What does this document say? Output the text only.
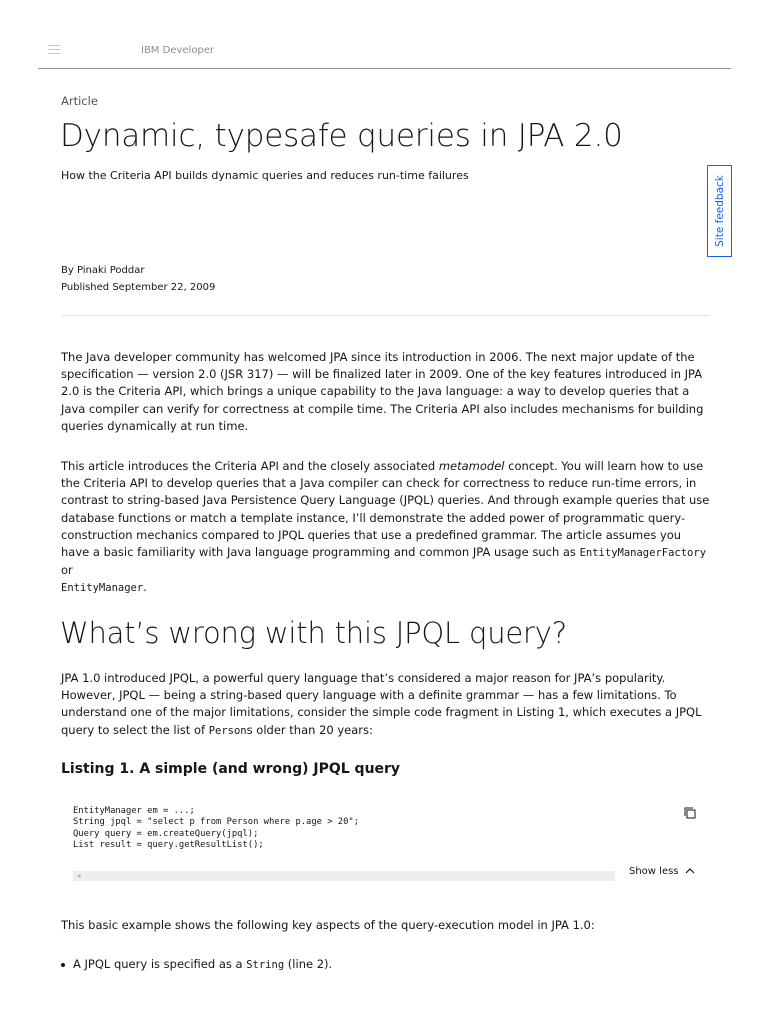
IBM Developer
Article
Dynamic, typesafe queries in JPA 2.0

How the Criteria API builds dynamic queries and reduces run-time failures	Site feedback
By Pinaki Poddar
Published September 22, 2009

The Java developer community has welcomed JPA since its introduction in 2006. The next major update of the specification — version 2.0 (JSR 317) — will be finalized later in 2009. One of the key features introduced in JPA 2.0 is the Criteria API, which brings a unique capability to the Java language: a way to develop queries that a Java compiler can verify for correctness at compile time. The Criteria API also includes mechanisms for building queries dynamically at run time.

This article introduces the Criteria API and the closely associated metamodel concept. You will learn how to use the Criteria API to develop queries that a Java compiler can check for correctness to reduce run-time errors, in contrast to string-based Java Persistence Query Language (JPQL) queries. And through example queries that use database functions or match a template instance, I’ll demonstrate the added power of programmatic query-construction mechanics compared to JPQL queries that use a predefined grammar. The article assumes you have a basic familiarity with Java language programming and common JPA usage such as EntityManagerFactory or
EntityManager.

What’s wrong with this JPQL query?

JPA 1.0 introduced JPQL, a powerful query language that’s considered a major reason for JPA’s popularity. However, JPQL — being a string-based query language with a definite grammar — has a few limitations. To understand one of the major limitations, consider the simple code fragment in Listing 1, which executes a JPQL query to select the list of Persons older than 20 years:

Listing 1. A simple (and wrong) JPQL query
EntityManager em = ...;
String jpql = "select p from Person where p.age > 20";
Query query = em.createQuery(jpql);
List result = query.getResultList();
◂	Show less

This basic example shows the following key aspects of the query-execution model in JPA 1.0:

A JPQL query is specified as a String (line 2).
